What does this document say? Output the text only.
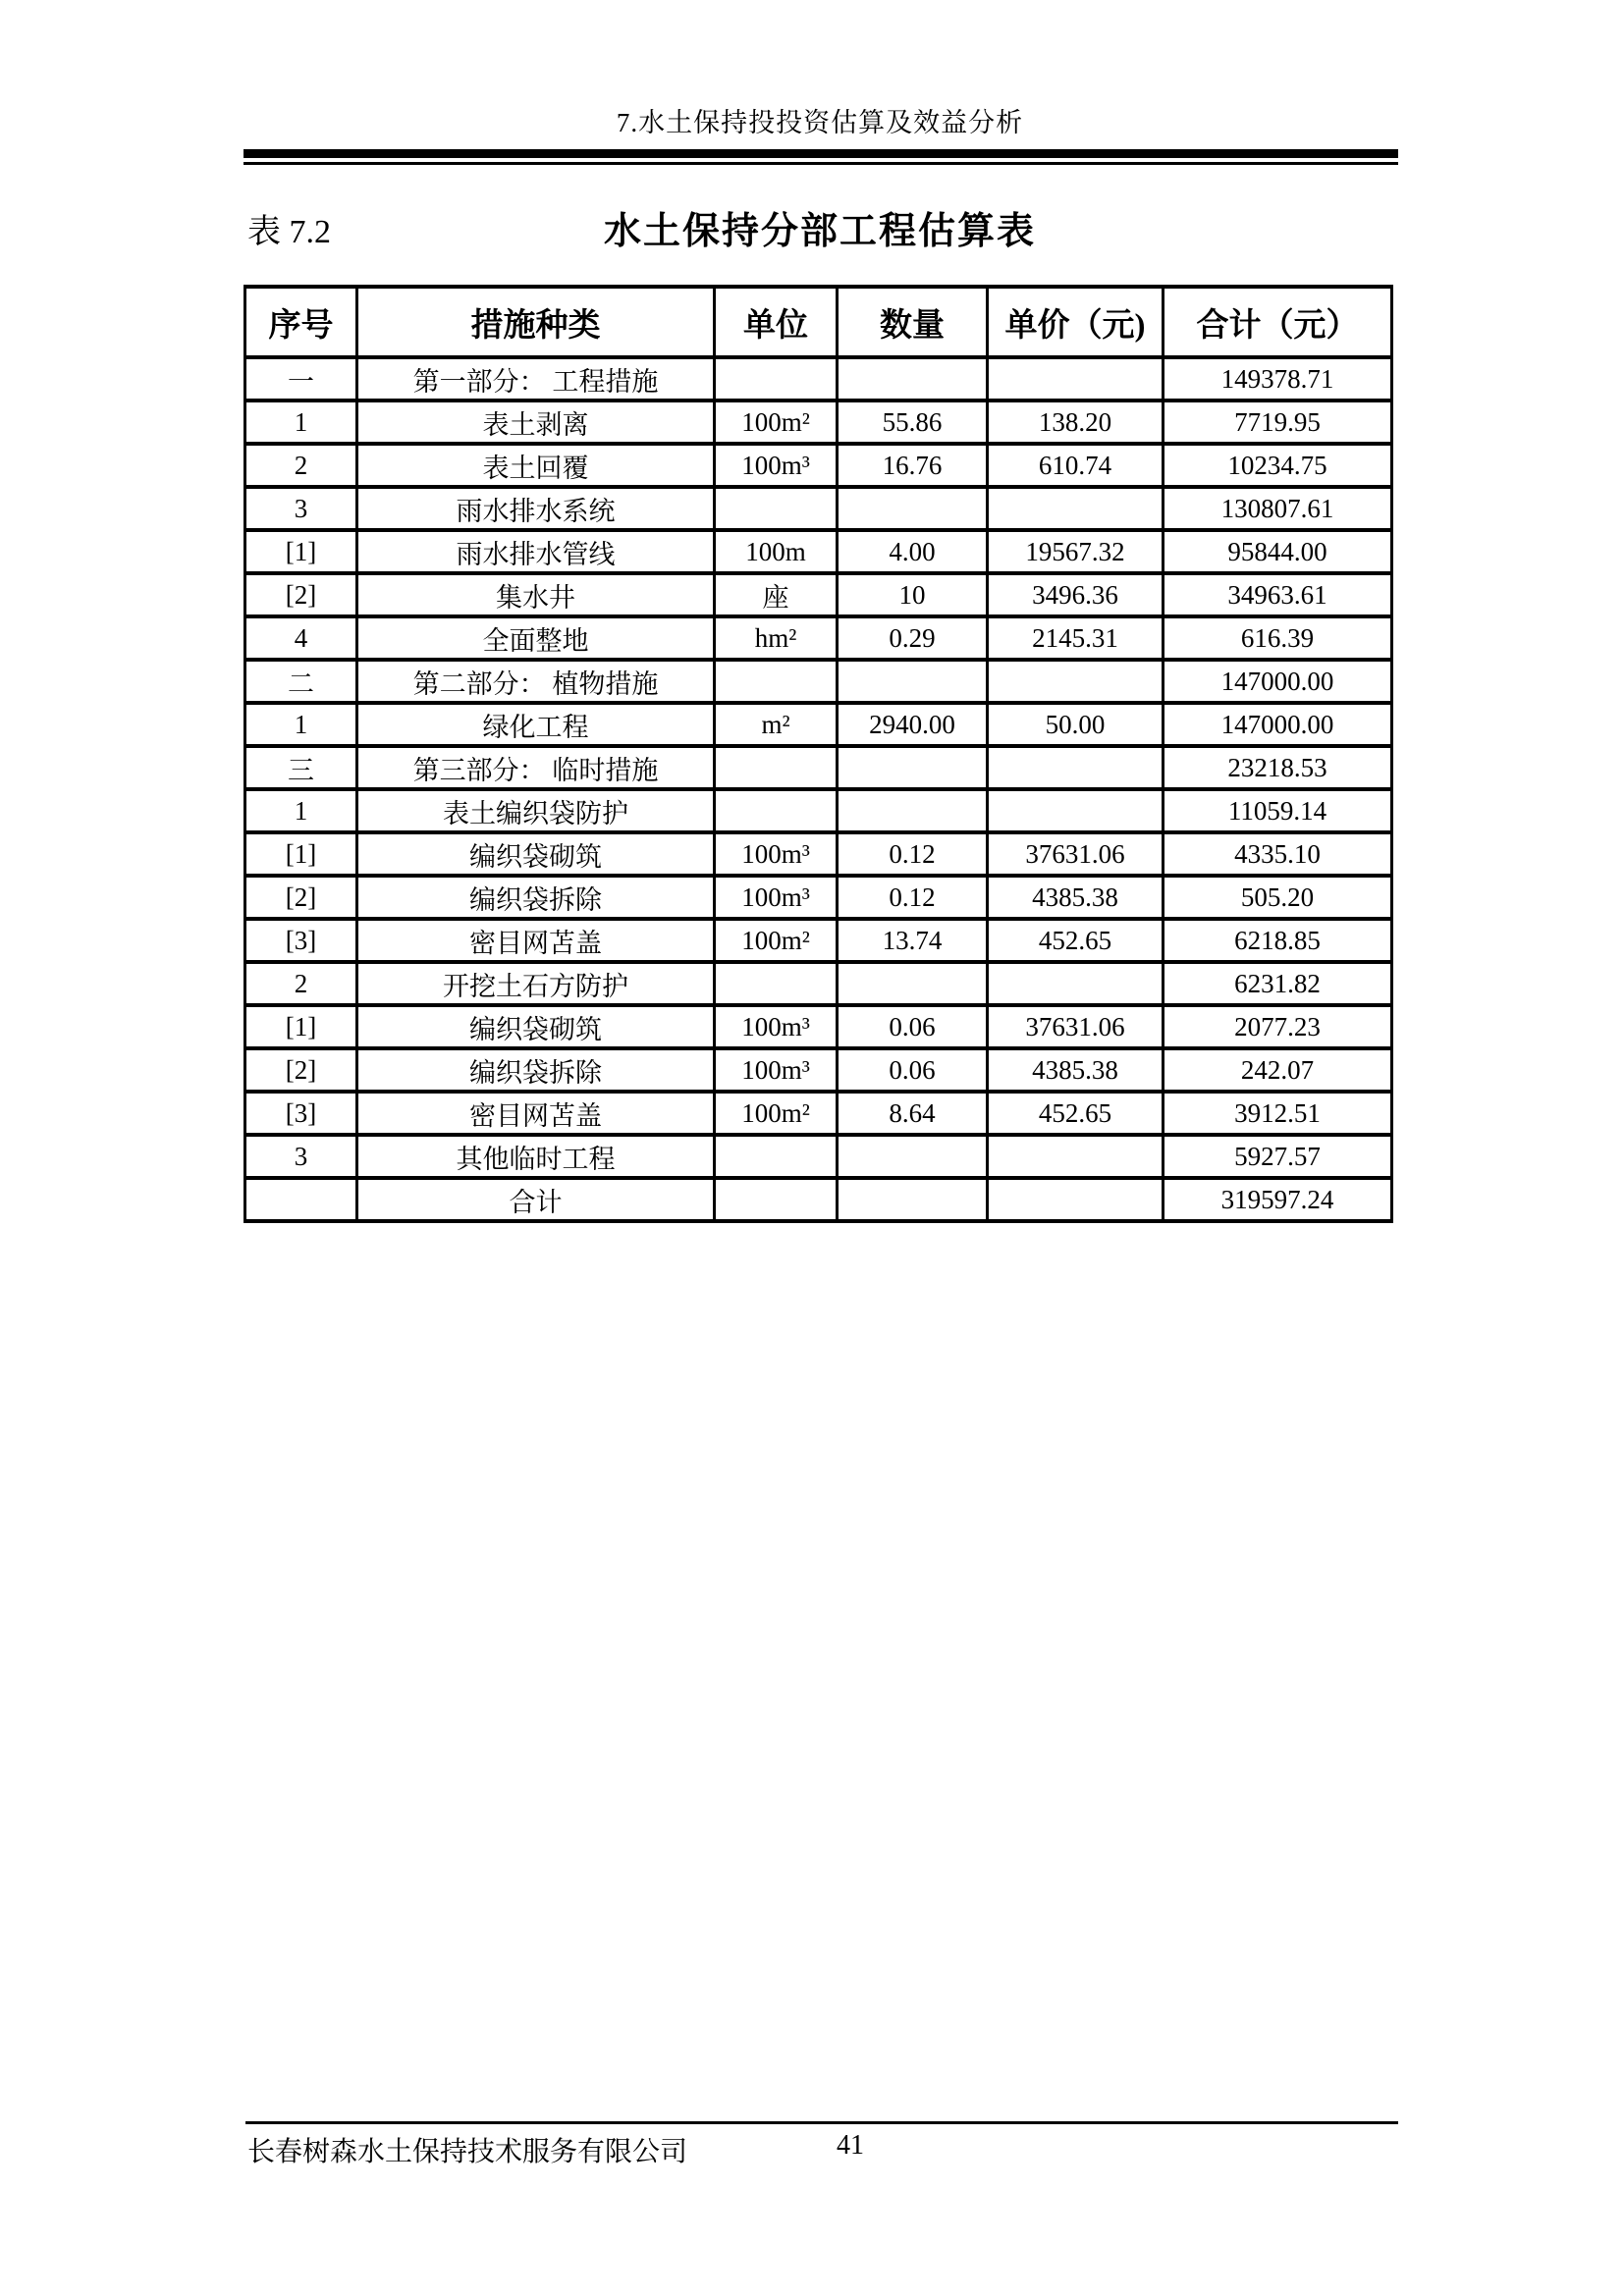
7.水土保持投投资估算及效益分析
表 7.2	水土保持分部工程估算表
序号	措施种类	单位	数量	单价（元)	合计（元）
一	第一部分： 工程措施				149378.71
1	表土剥离	100m²	55.86	138.20	7719.95
2	表土回覆	100m³	16.76	610.74	10234.75
3	雨水排水系统				130807.61
[1]	雨水排水管线	100m	4.00	19567.32	95844.00
[2]	集水井	座	10	3496.36	34963.61
4	全面整地	hm²	0.29	2145.31	616.39
二	第二部分： 植物措施				147000.00
1	绿化工程	m²	2940.00	50.00	147000.00
三	第三部分： 临时措施				23218.53
1	表土编织袋防护				11059.14
[1]	编织袋砌筑	100m³	0.12	37631.06	4335.10
[2]	编织袋拆除	100m³	0.12	4385.38	505.20
[3]	密目网苫盖	100m²	13.74	452.65	6218.85
2	开挖土石方防护				6231.82
[1]	编织袋砌筑	100m³	0.06	37631.06	2077.23
[2]	编织袋拆除	100m³	0.06	4385.38	242.07
[3]	密目网苫盖	100m²	8.64	452.65	3912.51
3	其他临时工程				5927.57
	合计				319597.24
长春树森水土保持技术服务有限公司	41
